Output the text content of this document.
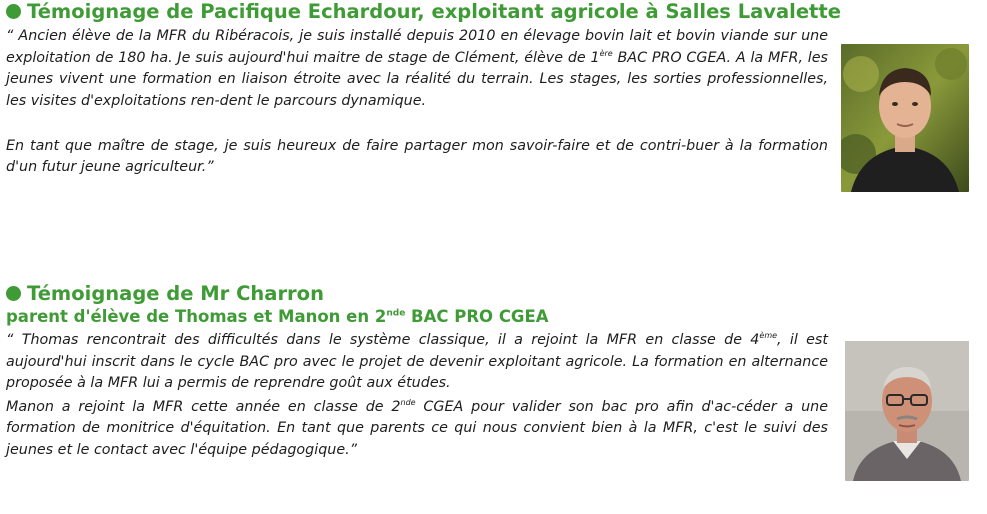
Témoignage de Pacifique Echardour, exploitant agricole à Salles Lavalette

“ Ancien élève de la MFR du Ribéracois, je suis installé depuis 2010 en élevage bovin lait et bovin viande sur une exploitation de 180 ha. Je suis aujourd'hui maitre de stage de Clément, élève de 1ère BAC PRO CGEA. A la MFR, les jeunes vivent une formation en liaison étroite avec la réalité du terrain. Les stages, les sorties professionnelles, les visites d'exploitations ren-dent le parcours dynamique.

En tant que maître de stage, je suis heureux de faire partager mon savoir-faire et de contri-buer à la formation d'un futur jeune agriculteur.”

Témoignage de Mr Charron
parent d'élève de Thomas et Manon en 2nde BAC PRO CGEA

“ Thomas rencontrait des difficultés dans le système classique, il a rejoint la MFR en classe de 4ème, il est aujourd'hui inscrit dans le cycle BAC pro avec le projet de devenir exploitant agricole. La formation en alternance proposée à la MFR lui a permis de reprendre goût aux études.

Manon a rejoint la MFR cette année en classe de 2nde CGEA pour valider son bac pro afin d'ac-céder a une formation de monitrice d'équitation. En tant que parents ce qui nous convient bien à la MFR, c'est le suivi des jeunes et le contact avec l'équipe pédagogique.”
